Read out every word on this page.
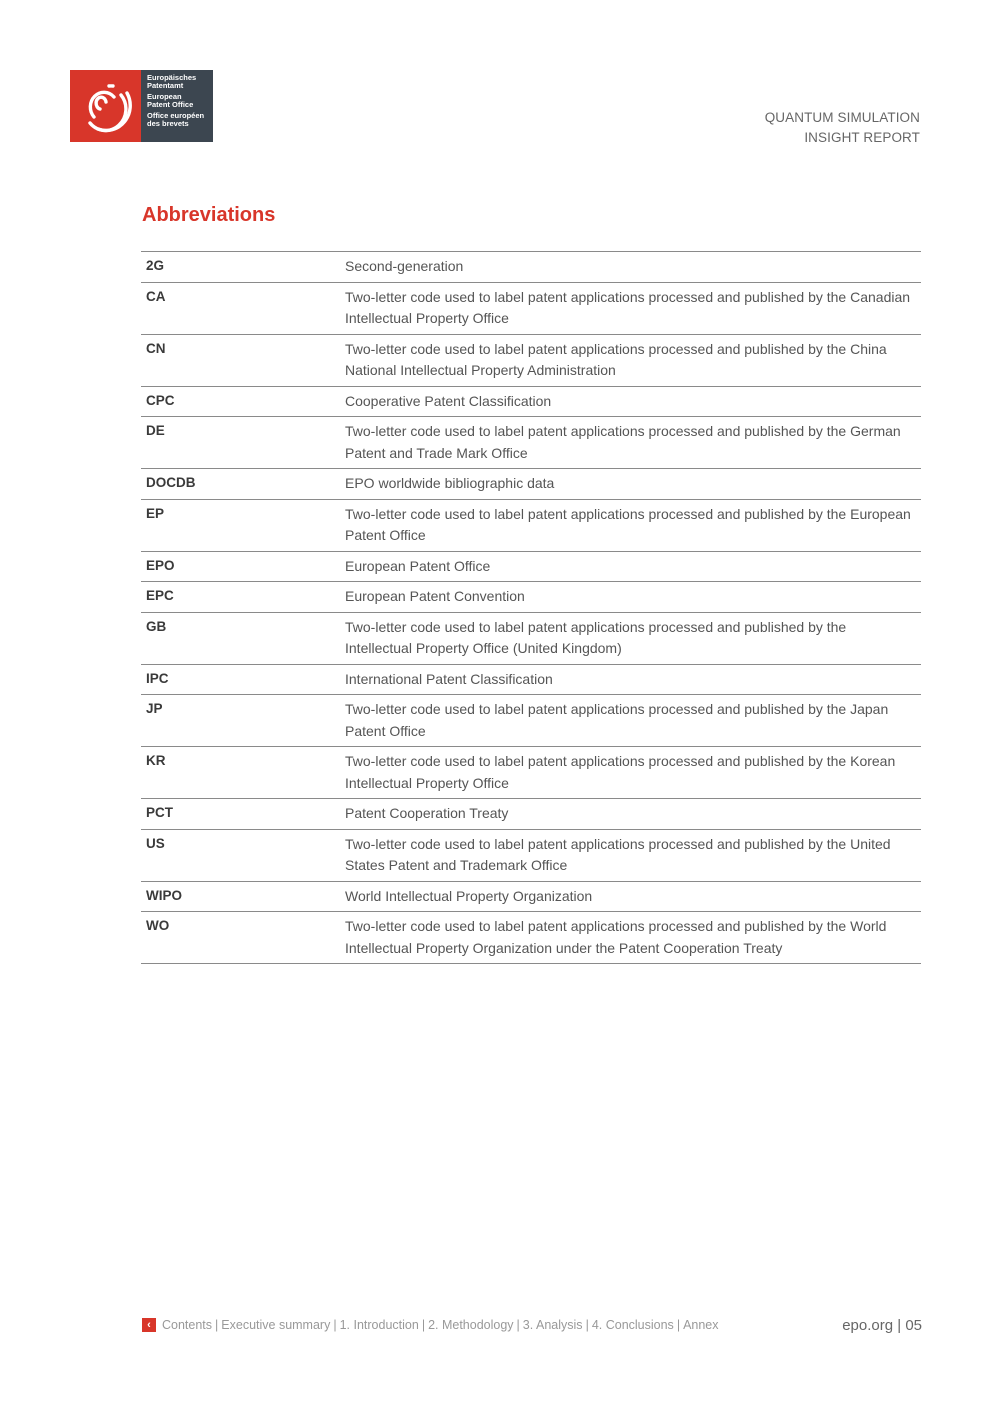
Europäisches
Patentamt
European
Patent Office
Office européen
des brevets	QUANTUM SIMULATION
INSIGHT REPORT
Abbreviations
2G	Second-generation
CA	Two-letter code used to label patent applications processed and published by the Canadian Intellectual Property Office
CN	Two-letter code used to label patent applications processed and published by the China National Intellectual Property Administration
CPC	Cooperative Patent Classification
DE	Two-letter code used to label patent applications processed and published by the German Patent and Trade Mark Office
DOCDB	EPO worldwide bibliographic data
EP	Two-letter code used to label patent applications processed and published by the European Patent Office
EPO	European Patent Office
EPC	European Patent Convention
GB	Two-letter code used to label patent applications processed and published by the Intellectual Property Office (United Kingdom)
IPC	International Patent Classification
JP	Two-letter code used to label patent applications processed and published by the Japan Patent Office
KR	Two-letter code used to label patent applications processed and published by the Korean Intellectual Property Office
PCT	Patent Cooperation Treaty
US	Two-letter code used to label patent applications processed and published by the United States Patent and Trademark Office
WIPO	World Intellectual Property Organization
WO	Two-letter code used to label patent applications processed and published by the World Intellectual Property Organization under the Patent Cooperation Treaty
‹ Contents | Executive summary | 1. Introduction | 2. Methodology | 3. Analysis | 4. Conclusions | Annex	epo.org | 05
